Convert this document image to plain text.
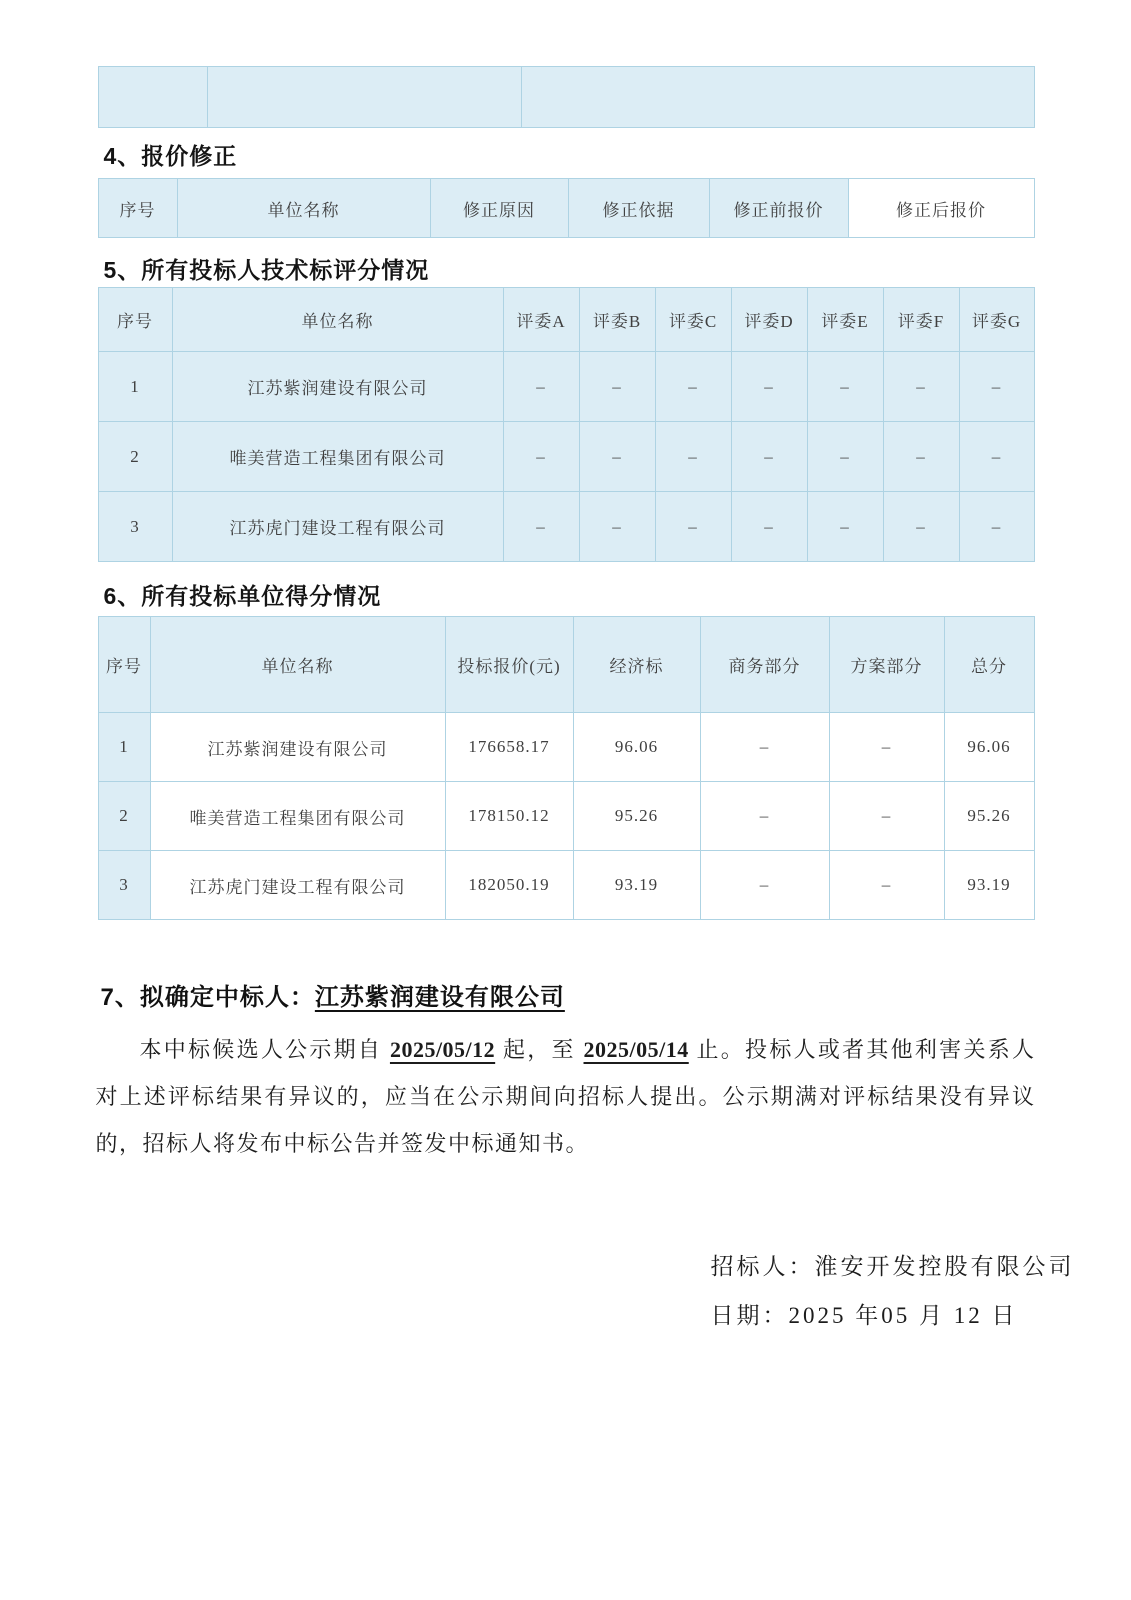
4、报价修正
序号	单位名称	修正原因	修正依据	修正前报价	修正后报价
5、所有投标人技术标评分情况
序号	单位名称	评委A	评委B	评委C	评委D	评委E	评委F	评委G
1	江苏紫润建设有限公司	–	–	–	–	–	–	–
2	唯美营造工程集团有限公司	–	–	–	–	–	–	–
3	江苏虎门建设工程有限公司	–	–	–	–	–	–	–
6、所有投标单位得分情况
序号	单位名称	投标报价(元)	经济标	商务部分	方案部分	总分
1	江苏紫润建设有限公司	176658.17	96.06	–	–	96.06
2	唯美营造工程集团有限公司	178150.12	95.26	–	–	95.26
3	江苏虎门建设工程有限公司	182050.19	93.19	–	–	93.19
7、拟确定中标人：江苏紫润建设有限公司
本中标候选人公示期自 2025/05/12 起，至 2025/05/14 止。投标人或者其他利害关系人对上述评标结果有异议的，应当在公示期间向招标人提出。公示期满对评标结果没有异议的，招标人将发布中标公告并签发中标通知书。
招标人：淮安开发控股有限公司
日期：2025 年05 月 12 日
